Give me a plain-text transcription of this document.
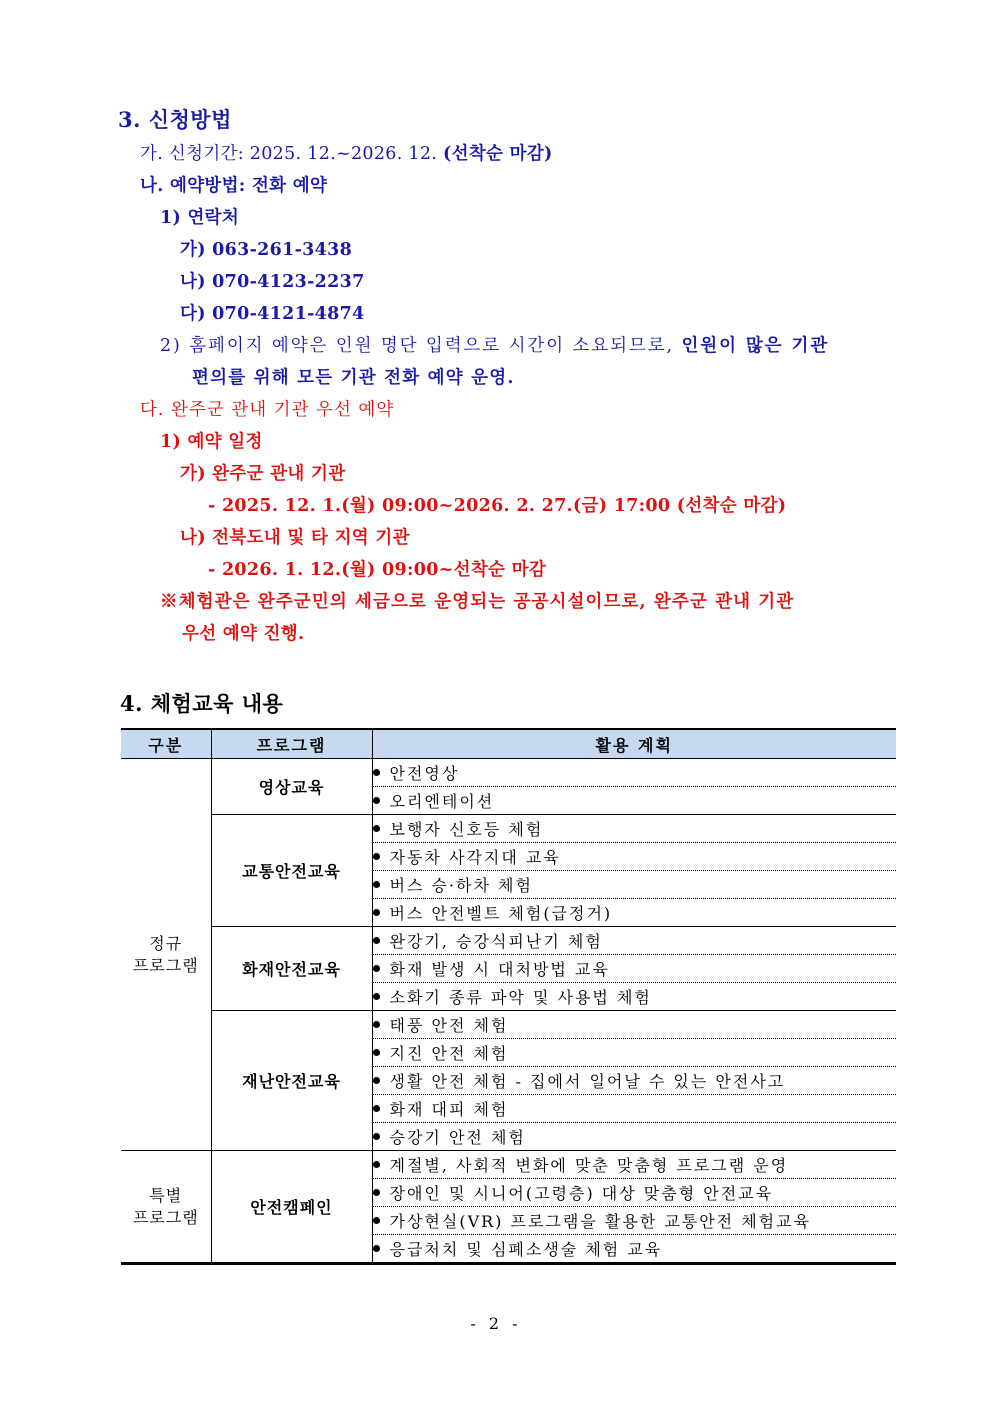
3. 신청방법
가. 신청기간: 2025. 12.~2026. 12. (선착순 마감)
나. 예약방법: 전화 예약
1) 연락처
가) 063-261-3438
나) 070-4123-2237
다) 070-4121-4874
2) 홈페이지 예약은 인원 명단 입력으로 시간이 소요되므로, 인원이 많은 기관
편의를 위해 모든 기관 전화 예약 운영.
다. 완주군 관내 기관 우선 예약
1) 예약 일정
가) 완주군 관내 기관
- 2025. 12. 1.(월) 09:00~2026. 2. 27.(금) 17:00 (선착순 마감)
나) 전북도내 및 타 지역 기관
- 2026. 1. 12.(월) 09:00~선착순 마감
※체험관은 완주군민의 세금으로 운영되는 공공시설이므로, 완주군 관내 기관
우선 예약 진행.
4. 체험교육 내용
구분	프로그램	활용 계획

정규
프로그램	영상교육	안전영상
		오리엔테이션
	교통안전교육	보행자 신호등 체험
		자동차 사각지대 교육
		버스 승·하차 체험
		버스 안전벨트 체험(급정거)
	화재안전교육	완강기, 승강식피난기 체험
		화재 발생 시 대처방법 교육
		소화기 종류 파악 및 사용법 체험
	재난안전교육	태풍 안전 체험
		지진 안전 체험
		생활 안전 체험 - 집에서 일어날 수 있는 안전사고
		화재 대피 체험
		승강기 안전 체험

특별
프로그램	안전캠페인	계절별, 사회적 변화에 맞춘 맞춤형 프로그램 운영
		장애인 및 시니어(고령층) 대상 맞춤형 안전교육
		가상현실(VR) 프로그램을 활용한 교통안전 체험교육
		응급처치 및 심폐소생술 체험 교육
- 2 -
